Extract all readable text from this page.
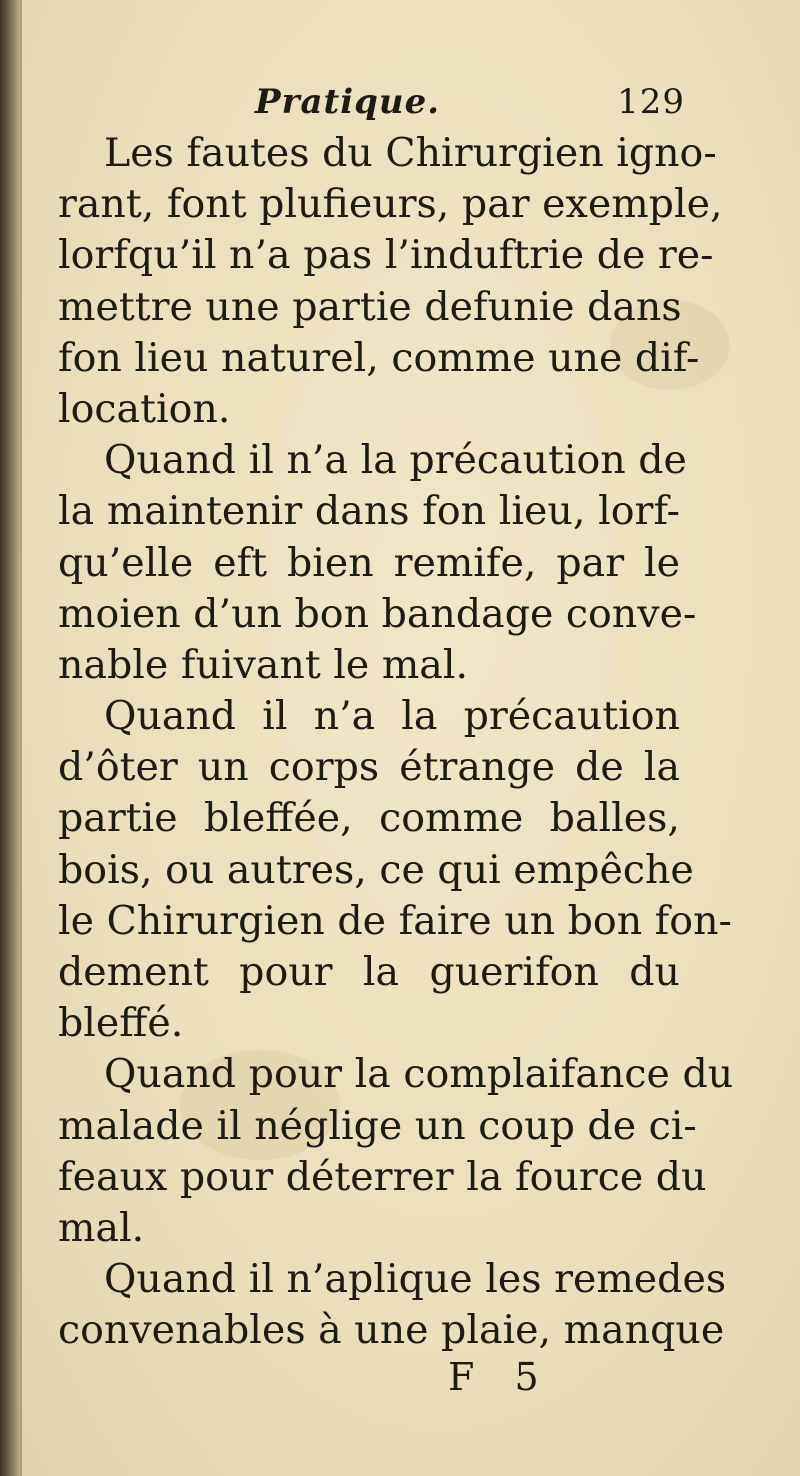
Pratique.	129
Les fautes du Chirurgien igno-
rant, font plufieurs, par exemple,
lorfqu’il n’a pas l’induftrie de re-
mettre une partie defunie dans
fon lieu naturel, comme une dif-
location.
Quand il n’a la précaution de
la maintenir dans fon lieu, lorf-
qu’elle eft bien remife, par le
moien d’un bon bandage conve-
nable fuivant le mal.
Quand il n’a la précaution
d’ôter un corps étrange de la
partie bleffée, comme balles,
bois, ou autres, ce qui empêche
le Chirurgien de faire un bon fon-
dement pour la guerifon du
bleffé.
Quand pour la complaifance du
malade il néglige un coup de ci-
feaux pour déterrer la fource du
mal.
Quand il n’aplique les remedes
convenables à une plaie, manque
F 5
